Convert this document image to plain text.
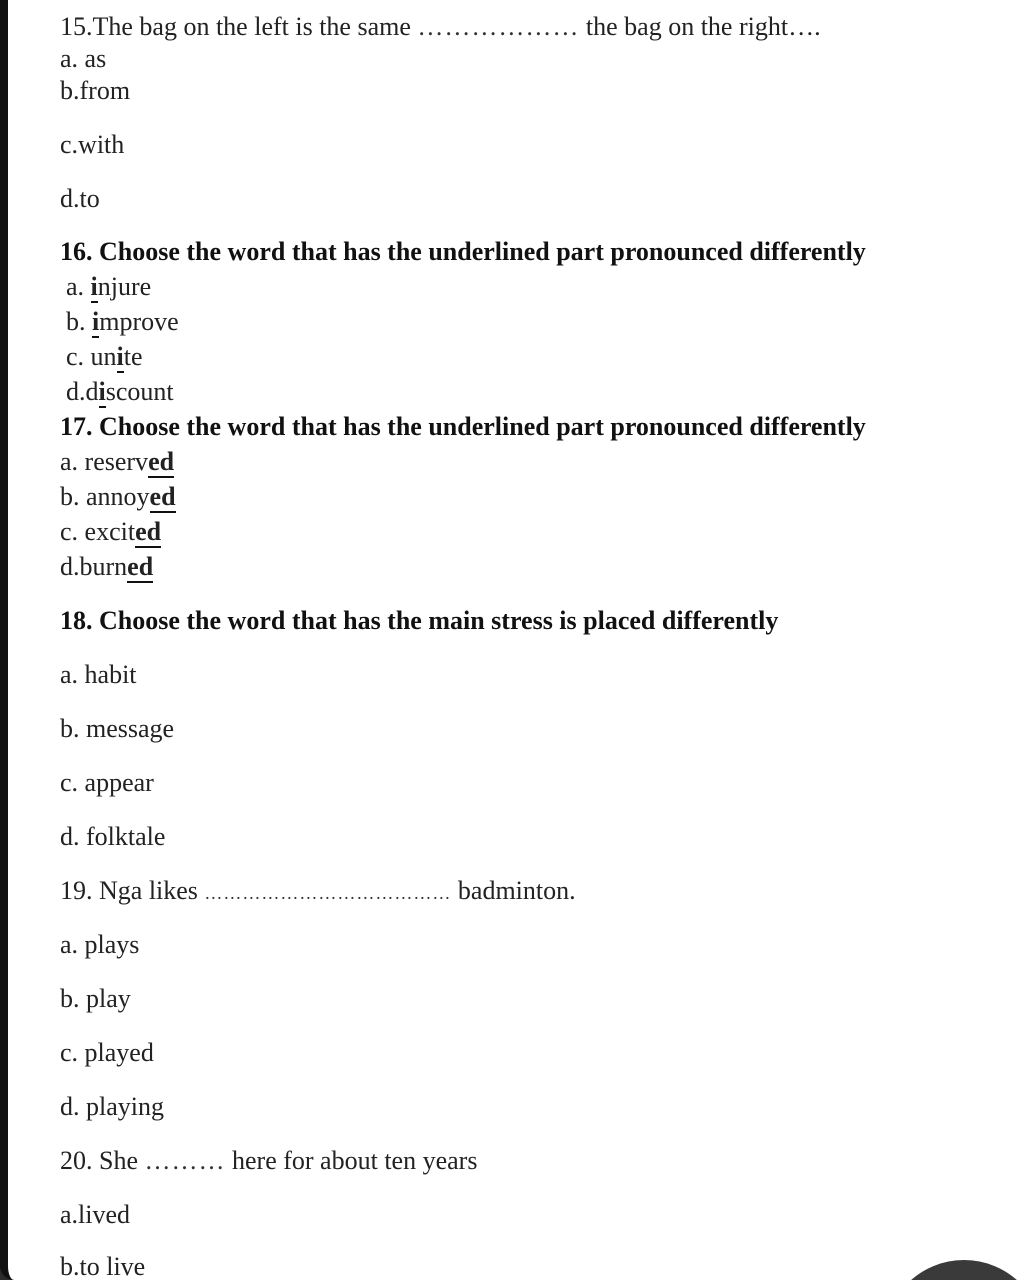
15.The bag on the left is the same ……………… the bag on the right….
a. as
b.from
c.with
d.to
16. Choose the word that has the underlined part pronounced differently
a. injure
b. improve
c. unite
d.discount
17. Choose the word that has the underlined part pronounced differently
a. reserved
b. annoyed
c. excited
d.burned
18. Choose the word that has the main stress is placed differently
a. habit
b. message
c. appear
d. folktale
19. Nga likes ………………………………… badminton.
a. plays
b. play
c. played
d. playing
20. She ……… here for about ten years
a.lived
b.to live
